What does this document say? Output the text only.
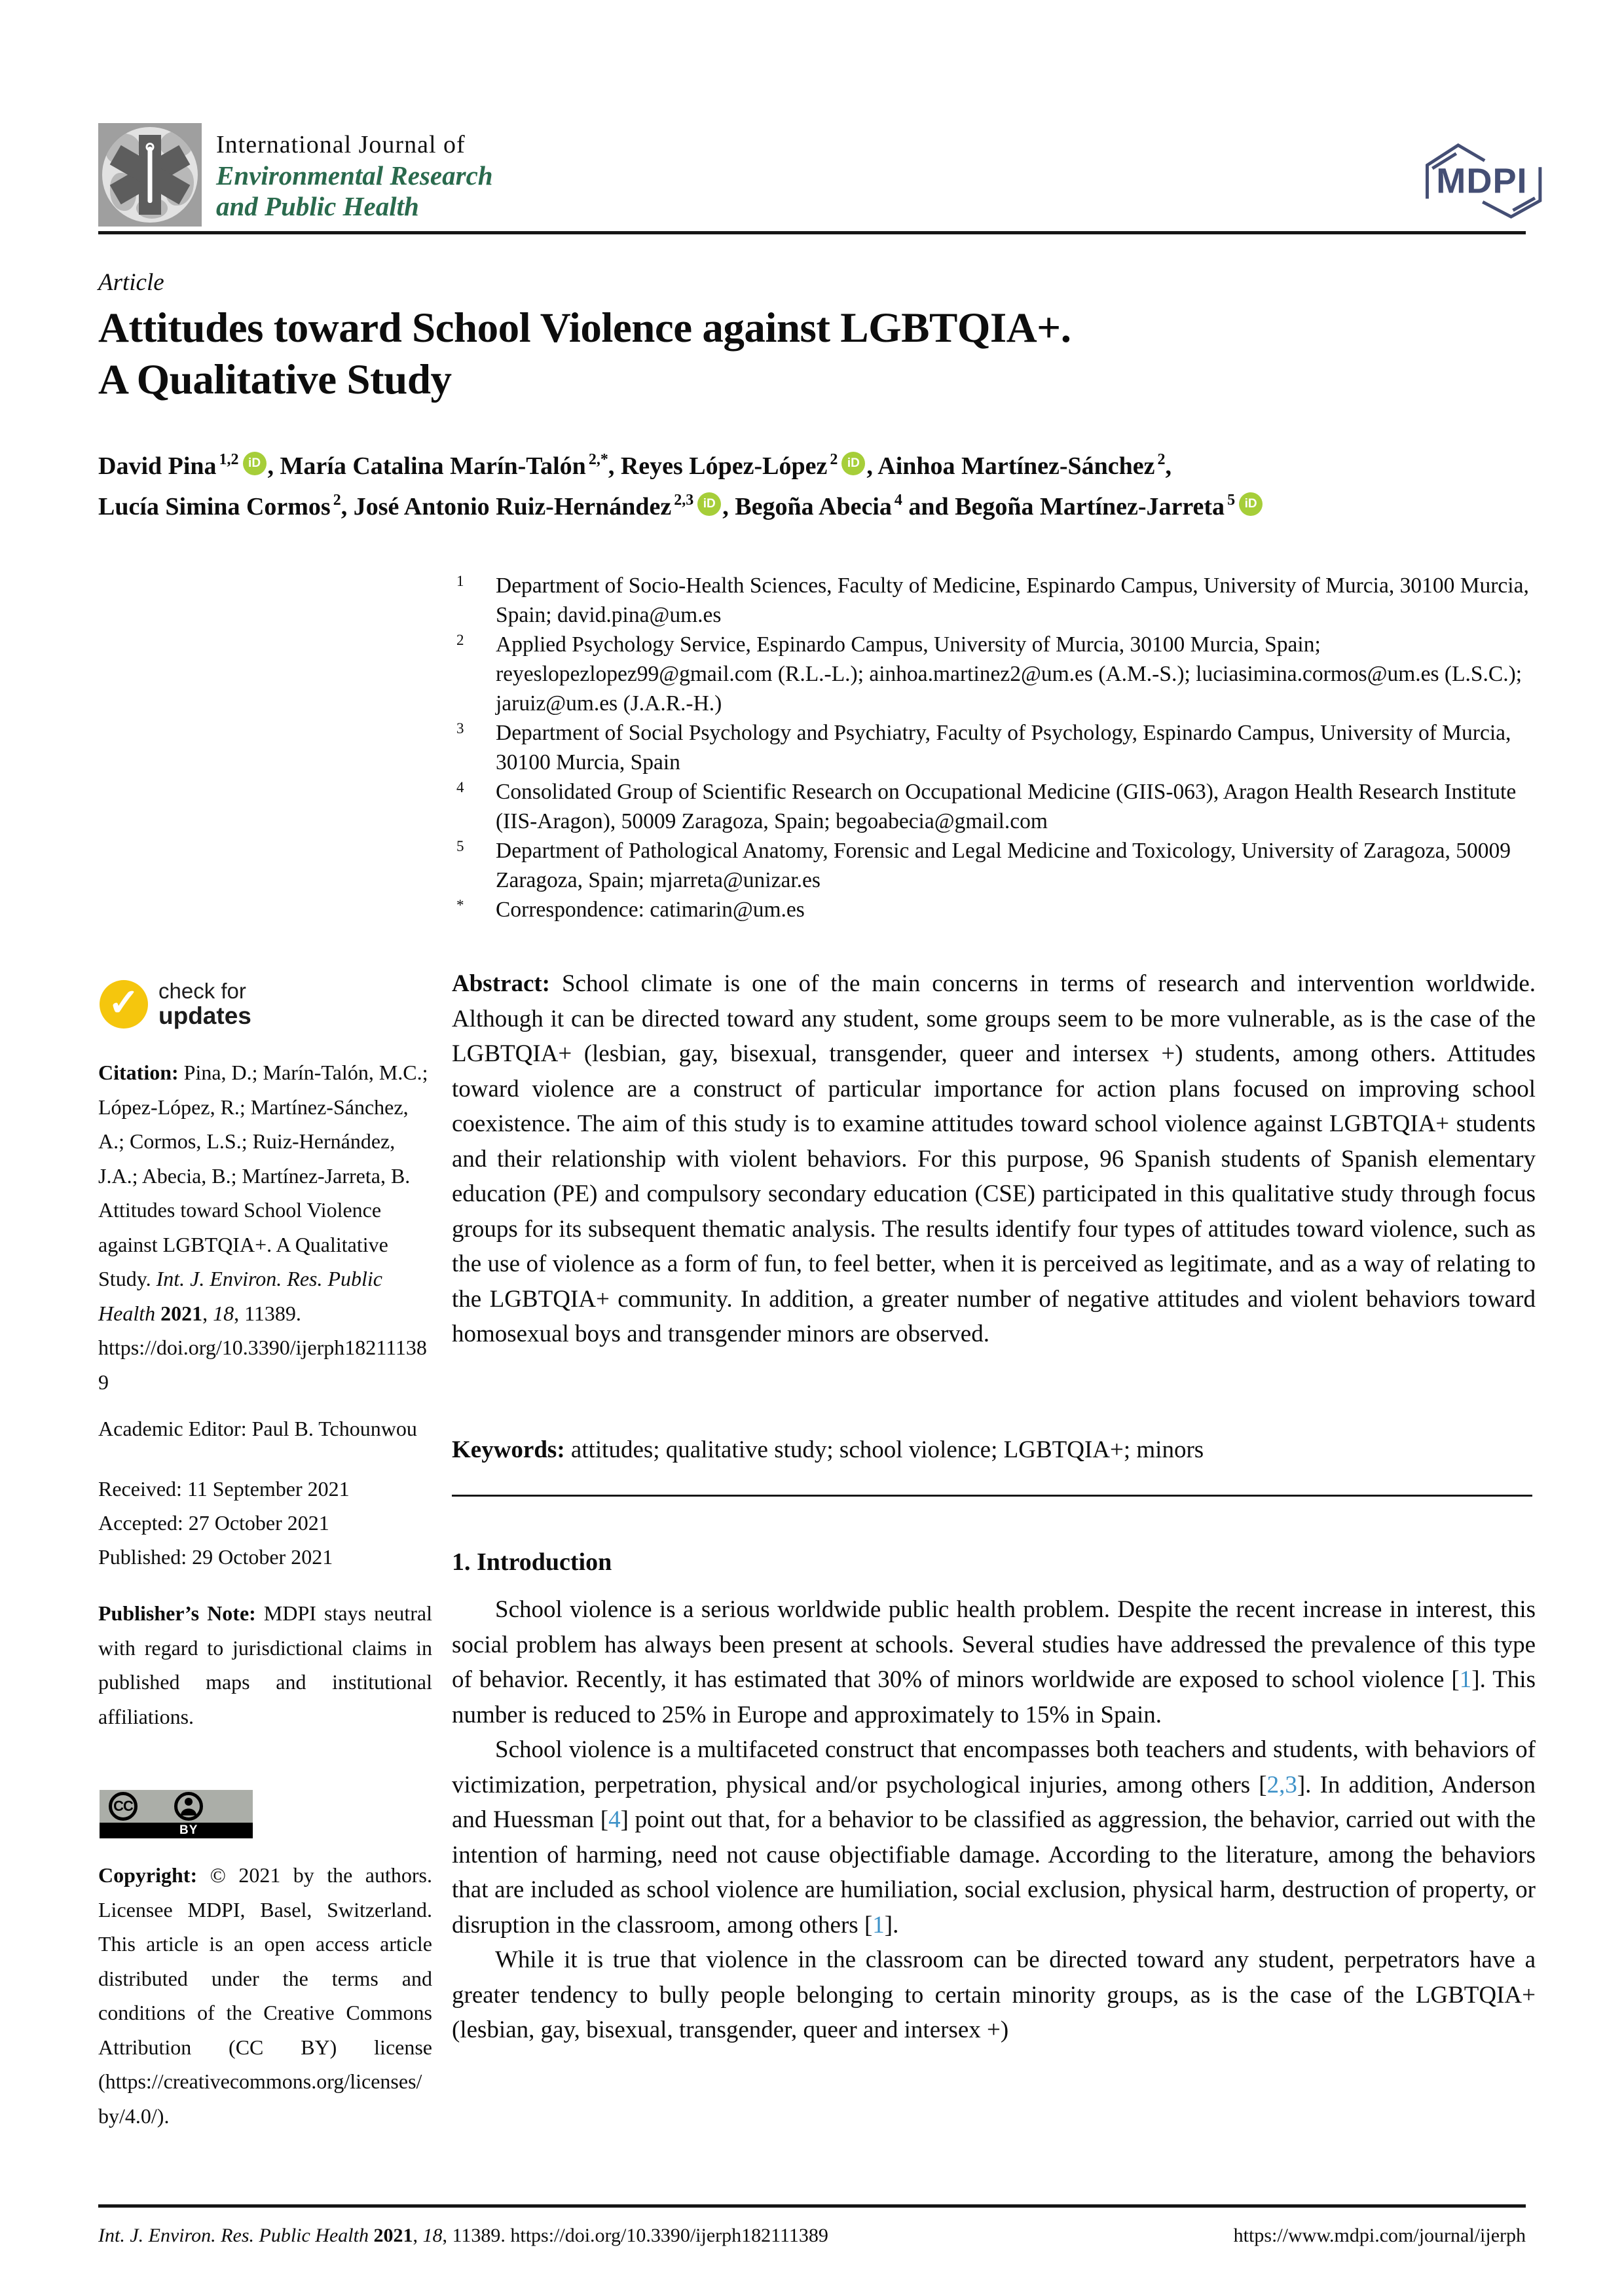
International Journal of
Environmental Research
and Public Health
MDPI
Article
Attitudes toward School Violence against LGBTQIA+.
A Qualitative Study
David Pina $^{1,2}$ iD , María Catalina Marín-Talón $^{2,*}$, Reyes López-López $^2$ iD , Ainhoa Martínez-Sánchez $^2$,
Lucía Simina Cormos $^2$, José Antonio Ruiz-Hernández $^{2,3}$ iD , Begoña Abecia $^4$ and Begoña Martínez-Jarreta $^5$ iD
1	Department of Socio-Health Sciences, Faculty of Medicine, Espinardo Campus, University of Murcia, 30100 Murcia, Spain; david.pina@um.es
2	Applied Psychology Service, Espinardo Campus, University of Murcia, 30100 Murcia, Spain; reyeslopezlopez99@gmail.com (R.L.-L.); ainhoa.martinez2@um.es (A.M.-S.); luciasimina.cormos@um.es (L.S.C.); jaruiz@um.es (J.A.R.-H.)
3	Department of Social Psychology and Psychiatry, Faculty of Psychology, Espinardo Campus, University of Murcia, 30100 Murcia, Spain
4	Consolidated Group of Scientific Research on Occupational Medicine (GIIS-063), Aragon Health Research Institute (IIS-Aragon), 50009 Zaragoza, Spain; begoabecia@gmail.com
5	Department of Pathological Anatomy, Forensic and Legal Medicine and Toxicology, University of Zaragoza, 50009 Zaragoza, Spain; mjarreta@unizar.es
*	Correspondence: catimarin@um.es
✓ check for
updates
Citation: Pina, D.; Marín-Talón, M.C.; López-López, R.; Martínez-Sánchez, A.; Cormos, L.S.; Ruiz-Hernández, J.A.; Abecia, B.; Martínez-Jarreta, B. Attitudes toward School Violence against LGBTQIA+. A Qualitative Study. Int. J. Environ. Res. Public Health 2021, 18, 11389. https://doi.org/10.3390/ijerph182111389
Academic Editor: Paul B. Tchounwou
Received: 11 September 2021
Accepted: 27 October 2021
Published: 29 October 2021
Publisher’s Note: MDPI stays neutral with regard to jurisdictional claims in published maps and institutional affiliations.
CC
BY
Copyright: © 2021 by the authors. Licensee MDPI, Basel, Switzerland. This article is an open access article distributed under the terms and conditions of the Creative Commons Attribution (CC BY) license (https://creativecommons.org/licenses/by/4.0/).
Abstract: School climate is one of the main concerns in terms of research and intervention worldwide. Although it can be directed toward any student, some groups seem to be more vulnerable, as is the case of the LGBTQIA+ (lesbian, gay, bisexual, transgender, queer and intersex +) students, among others. Attitudes toward violence are a construct of particular importance for action plans focused on improving school coexistence. The aim of this study is to examine attitudes toward school violence against LGBTQIA+ students and their relationship with violent behaviors. For this purpose, 96 Spanish students of Spanish elementary education (PE) and compulsory secondary education (CSE) participated in this qualitative study through focus groups for its subsequent thematic analysis. The results identify four types of attitudes toward violence, such as the use of violence as a form of fun, to feel better, when it is perceived as legitimate, and as a way of relating to the LGBTQIA+ community. In addition, a greater number of negative attitudes and violent behaviors toward homosexual boys and transgender minors are observed.
Keywords: attitudes; qualitative study; school violence; LGBTQIA+; minors
1. Introduction

School violence is a serious worldwide public health problem. Despite the recent increase in interest, this social problem has always been present at schools. Several studies have addressed the prevalence of this type of behavior. Recently, it has estimated that 30% of minors worldwide are exposed to school violence [1]. This number is reduced to 25% in Europe and approximately to 15% in Spain.

School violence is a multifaceted construct that encompasses both teachers and students, with behaviors of victimization, perpetration, physical and/or psychological injuries, among others [2,3]. In addition, Anderson and Huessman [4] point out that, for a behavior to be classified as aggression, the behavior, carried out with the intention of harming, need not cause objectifiable damage. According to the literature, among the behaviors that are included as school violence are humiliation, social exclusion, physical harm, destruction of property, or disruption in the classroom, among others [1].

While it is true that violence in the classroom can be directed toward any student, perpetrators have a greater tendency to bully people belonging to certain minority groups, as is the case of the LGBTQIA+ (lesbian, gay, bisexual, transgender, queer and intersex +)

Int. J. Environ. Res. Public Health 2021, 18, 11389. https://doi.org/10.3390/ijerph182111389	https://www.mdpi.com/journal/ijerph
